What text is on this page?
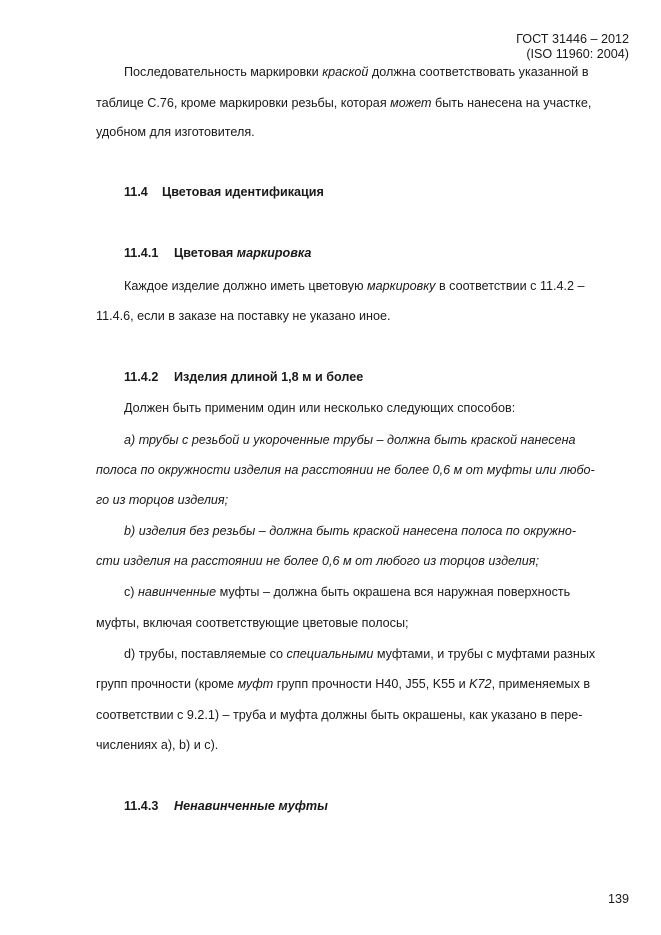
ГОСТ 31446 – 2012
(ISO 11960: 2004)
Последовательность маркировки краской должна соответствовать указанной в
таблице С.76, кроме маркировки резьбы, которая может быть нанесена на участке,
удобном для изготовителя.
11.4 Цветовая идентификация
11.4.1 Цветовая маркировка
Каждое изделие должно иметь цветовую маркировку в соответствии с 11.4.2 –
11.4.6, если в заказе на поставку не указано иное.
11.4.2 Изделия длиной 1,8 м и более
Должен быть применим один или несколько следующих способов:
a) трубы с резьбой и укороченные трубы – должна быть краской нанесена
полоса по окружности изделия на расстоянии не более 0,6 м от муфты или любо-
го из торцов изделия;
b) изделия без резьбы – должна быть краской нанесена полоса по окружно-
сти изделия на расстоянии не более 0,6 м от любого из торцов изделия;
c) навинченные муфты – должна быть окрашена вся наружная поверхность
муфты, включая соответствующие цветовые полосы;
d) трубы, поставляемые со специальными муфтами, и трубы с муфтами разных
групп прочности (кроме муфт групп прочности H40, J55, K55 и K72, применяемых в
соответствии с 9.2.1) – труба и муфта должны быть окрашены, как указано в пере-
числениях а), b) и с).
11.4.3 Ненавинченные муфты
139
